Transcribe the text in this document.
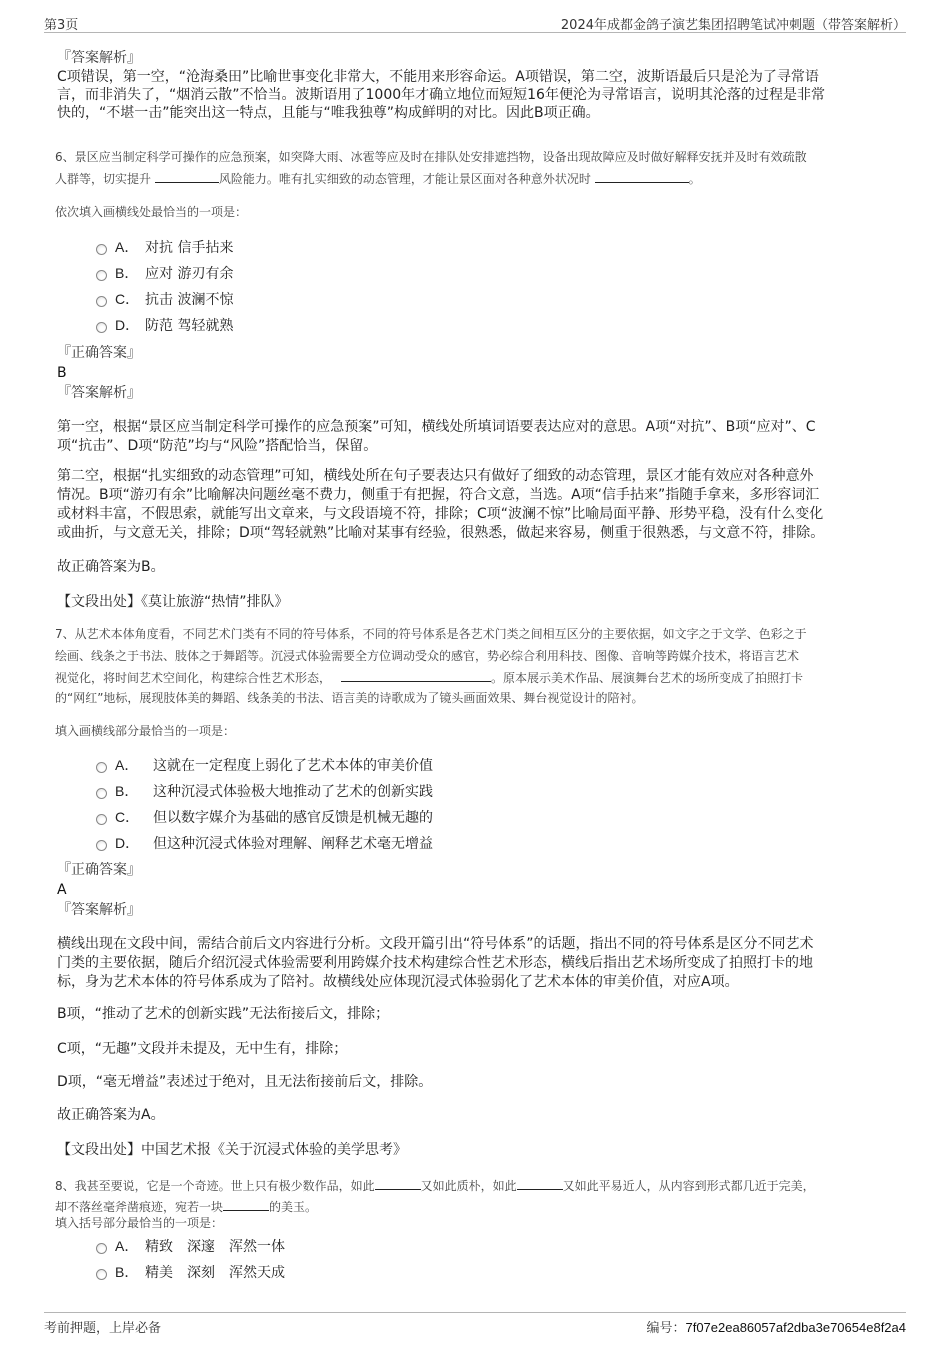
第3页	2024年成都金鸽子演艺集团招聘笔试冲刺题（带答案解析）
『答案解析』
C项错误，第一空，“沧海桑田”比喻世事变化非常大，不能用来形容命运。A项错误，第二空，波斯语最后只是沦为了寻常语
言，而非消失了，“烟消云散”不恰当。波斯语用了1000年才确立地位而短短16年便沦为寻常语言，说明其沦落的过程是非常
快的，“不堪一击”能突出这一特点，且能与“唯我独尊”构成鲜明的对比。因此B项正确。
6、景区应当制定科学可操作的应急预案，如突降大雨、冰雹等应及时在排队处安排遮挡物，设备出现故障应及时做好解释安抚并及时有效疏散
人群等，切实提升	风险能力。唯有扎实细致的动态管理，才能让景区面对各种意外状况时	。
依次填入画横线处最恰当的一项是：
A． 对抗 信手拈来
B． 应对 游刃有余
C． 抗击 波澜不惊
D． 防范 驾轻就熟
『正确答案』
B
『答案解析』
第一空，根据“景区应当制定科学可操作的应急预案”可知，横线处所填词语要表达应对的意思。A项“对抗”、B项“应对”、C
项“抗击”、D项“防范”均与“风险”搭配恰当，保留。
第二空，根据“扎实细致的动态管理”可知，横线处所在句子要表达只有做好了细致的动态管理，景区才能有效应对各种意外
情况。B项“游刃有余”比喻解决问题丝毫不费力，侧重于有把握，符合文意，当选。A项“信手拈来”指随手拿来，多形容词汇
或材料丰富，不假思索，就能写出文章来，与文段语境不符，排除；C项“波澜不惊”比喻局面平静、形势平稳，没有什么变化
或曲折，与文意无关，排除；D项“驾轻就熟”比喻对某事有经验，很熟悉，做起来容易，侧重于很熟悉，与文意不符，排除。
故正确答案为B。
【文段出处】《莫让旅游“热情”排队》
7、从艺术本体角度看，不同艺术门类有不同的符号体系，不同的符号体系是各艺术门类之间相互区分的主要依据，如文字之于文学、色彩之于
绘画、线条之于书法、肢体之于舞蹈等。沉浸式体验需要全方位调动受众的感官，势必综合利用科技、图像、音响等跨媒介技术，将语言艺术
视觉化，将时间艺术空间化，构建综合性艺术形态，	。原本展示美术作品、展演舞台艺术的场所变成了拍照打卡
的“网红”地标，展现肢体美的舞蹈、线条美的书法、语言美的诗歌成为了镜头画面效果、舞台视觉设计的陪衬。
填入画横线部分最恰当的一项是：
A．	这就在一定程度上弱化了艺术本体的审美价值
B．	这种沉浸式体验极大地推动了艺术的创新实践
C． 但以数字媒介为基础的感官反馈是机械无趣的
D． 但这种沉浸式体验对理解、阐释艺术毫无增益
『正确答案』
A
『答案解析』
横线出现在文段中间，需结合前后文内容进行分析。文段开篇引出“符号体系”的话题，指出不同的符号体系是区分不同艺术
门类的主要依据，随后介绍沉浸式体验需要利用跨媒介技术构建综合性艺术形态，横线后指出艺术场所变成了拍照打卡的地
标，身为艺术本体的符号体系成为了陪衬。故横线处应体现沉浸式体验弱化了艺术本体的审美价值，对应A项。
B项，“推动了艺术的创新实践”无法衔接后文，排除；
C项，“无趣”文段并未提及，无中生有，排除；
D项，“毫无增益”表述过于绝对，且无法衔接前后文，排除。
故正确答案为A。
【文段出处】中国艺术报《关于沉浸式体验的美学思考》
8、我甚至要说，它是一个奇迹。世上只有极少数作品，如此	又如此质朴，如此	又如此平易近人，从内容到形式都几近于完美，
却不落丝毫斧凿痕迹，宛若一块	的美玉。
填入括号部分最恰当的一项是：
A． 精致 深邃 浑然一体
B． 精美 深刻 浑然天成
考前押题，上岸必备	编号：7f07e2ea86057af2dba3e70654e8f2a4
